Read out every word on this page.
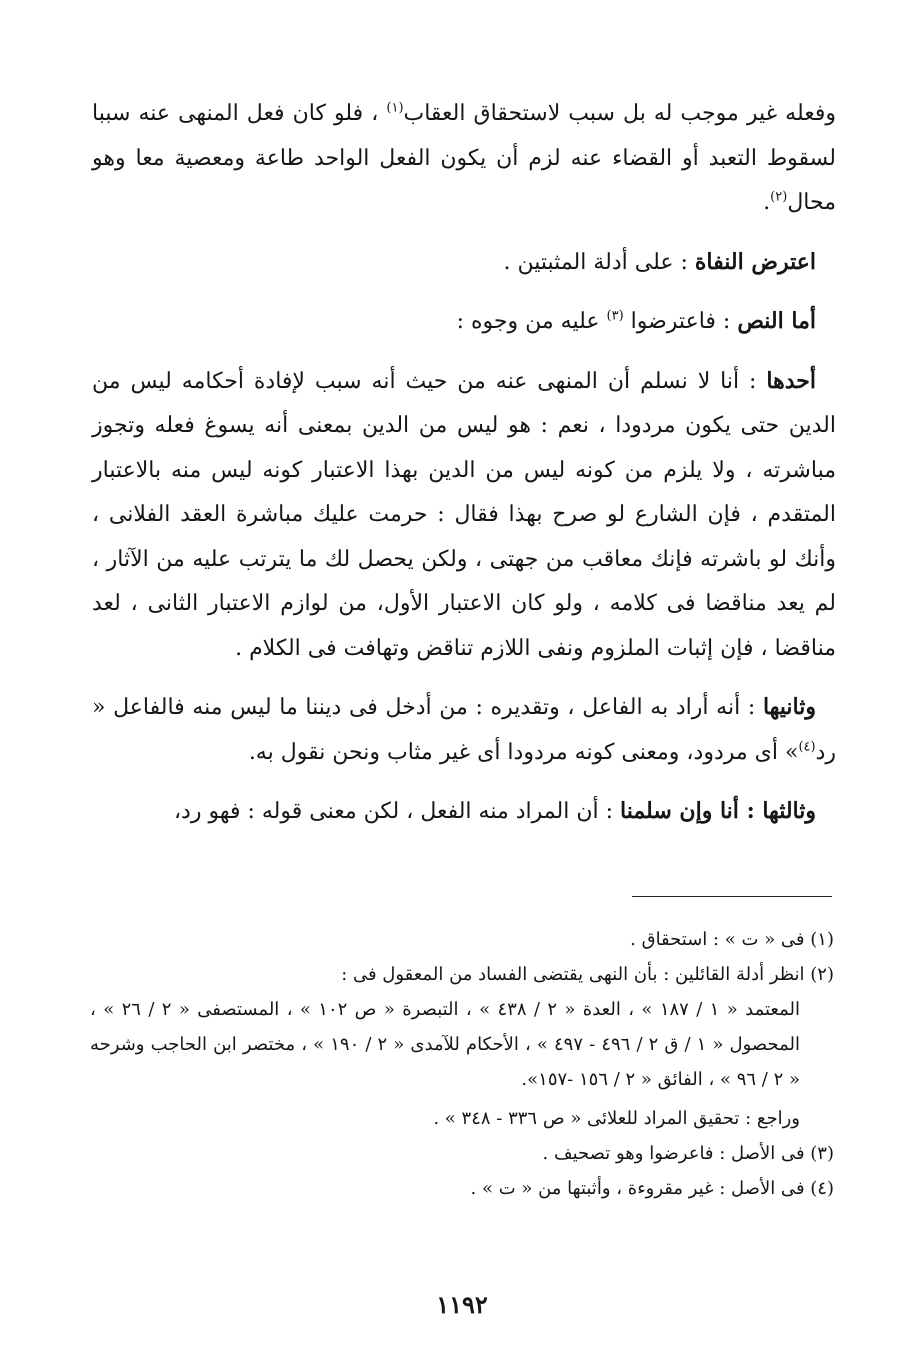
وفعله غير موجب له بل سبب لاستحقاق العقاب$^{(١)}$ ، فلو كان فعل المنهى عنه سببا لسقوط التعبد أو القضاء عنه لزم أن يكون الفعل الواحد طاعة ومعصية معا وهو محال$^{(٢)}$.

اعترض النفاة : على أدلة المثبتين .

أما النص : فاعترضوا $^{(٣)}$ عليه من وجوه :

أحدها : أنا لا نسلم أن المنهى عنه من حيث أنه سبب لإفادة أحكامه ليس من الدين حتى يكون مردودا ، نعم : هو ليس من الدين بمعنى أنه يسوغ فعله وتجوز مباشرته ، ولا يلزم من كونه ليس من الدين بهذا الاعتبار كونه ليس منه بالاعتبار المتقدم ، فإن الشارع لو صرح بهذا فقال : حرمت عليك مباشرة العقد الفلانى ، وأنك لو باشرته فإنك معاقب من جهتى ، ولكن يحصل لك ما يترتب عليه من الآثار ، لم يعد مناقضا فى كلامه ، ولو كان الاعتبار الأول، من لوازم الاعتبار الثانى ، لعد مناقضا ، فإن إثبات الملزوم ونفى اللازم تناقض وتهافت فى الكلام .

وثانيها : أنه أراد به الفاعل ، وتقديره : من أدخل فى ديننا ما ليس منه فالفاعل « رد$^{(٤)}$» أى مردود، ومعنى كونه مردودا أى غير مثاب ونحن نقول به.

وثالثها : أنا وإن سلمنا : أن المراد منه الفعل ، لكن معنى قوله : فهو رد،

(١) فى « ت » : استحقاق .

(٢) انظر أدلة القائلين : بأن النهى يقتضى الفساد من المعقول فى :

المعتمد « ١ / ١٨٧ » ، العدة « ٢ / ٤٣٨ » ، التبصرة « ص ١٠٢ » ، المستصفى « ٢ / ٢٦ » ، المحصول « ١ / ق ٢ / ٤٩٦ - ٤٩٧ » ، الأحكام للآمدى « ٢ / ١٩٠ » ، مختصر ابن الحاجب وشرحه « ٢ / ٩٦ » ، الفائق « ٢ / ١٥٦ -١٥٧».

وراجع : تحقيق المراد للعلائى « ص ٣٣٦ - ٣٤٨ » .

(٣) فى الأصل : فاعرضوا وهو تصحيف .

(٤) فى الأصل : غير مقروءة ، وأثبتها من « ت » .

١١٩٢
